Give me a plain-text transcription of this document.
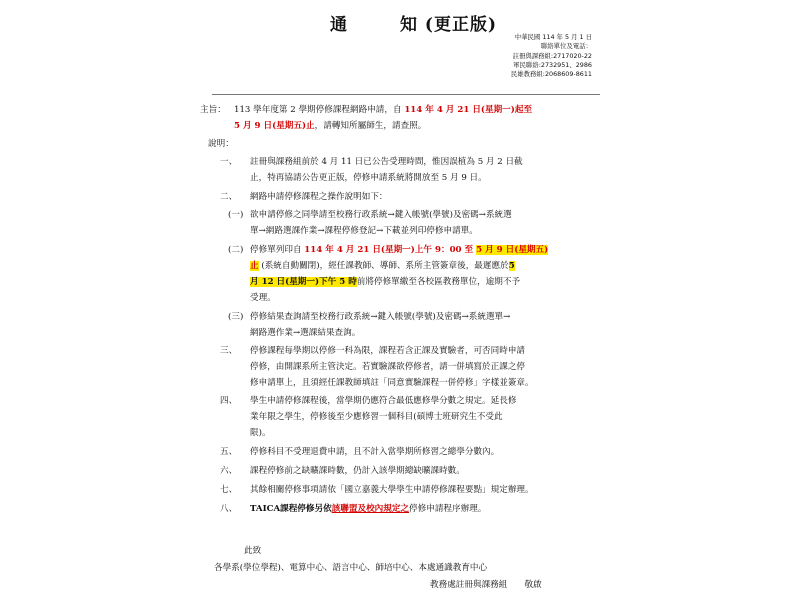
通	知 (更正版)
中華民國 114 年 5 月 1 日
聯絡單位及電話：
註冊與課務組:2717020-22
軍民聯絡:2732951、2986
民雄教務組:2068609-8611
主旨： 113 學年度第 2 學期停修課程網路申請，自 114 年 4 月 21 日(星期一)起至
5 月 9 日(星期五)止，請轉知所屬師生，請查照。
說明：
一、 註冊與課務組前於 4 月 11 日已公告受理時間，惟因誤植為 5 月 2 日截
止，特再協請公告更正版，停修申請系統將開放至 5 月 9 日。
二、 網路申請停修課程之操作說明如下：
(一) 欲申請停修之同學請至校務行政系統→鍵入帳號(學號)及密碼→系統選
單→網路選課作業→課程停修登記→下載並列印停修申請單。
(二) 停修單列印自 114 年 4 月 21 日(星期一)上午 9：00 至 5 月 9 日(星期五)
止 (系統自動關閉)，經任課教師、導師、系所主管簽章後，最遲應於5
月 12 日(星期一)下午 5 時前將停修單繳至各校區教務單位，逾期不予
受理。
(三) 停修結果查詢請至校務行政系統→鍵入帳號(學號)及密碼→系統選單→
網路選作業→選課結果查詢。
三、 停修課程每學期以停修一科為限，課程若含正課及實驗者，可否同時申請
停修，由開課系所主管決定。若實驗課欲停修者，請一併填寫於正課之停
修申請單上，且須經任課教師填註「同意實驗課程一併停修」字樣並簽章。
四、 學生申請停修課程後，當學期仍應符合最低應修學分數之規定。延長修
業年限之學生，停修後至少應修習一個科目(碩博士班研究生不受此
限)。
五、 停修科目不受理退費申請，且不計入當學期所修習之總學分數內。
六、 課程停修前之缺曠課時數，仍計入該學期總缺曠課時數。
七、 其餘相關停修事項請依「國立嘉義大學學生申請停修課程要點」規定辦理。
八、 TAICA課程停修另依該聯盟及校內規定之停修申請程序辦理。
此致
各學系(學位學程)、電算中心、語言中心、師培中心、本處通識教育中心
教務處註冊與課務組　　敬啟
